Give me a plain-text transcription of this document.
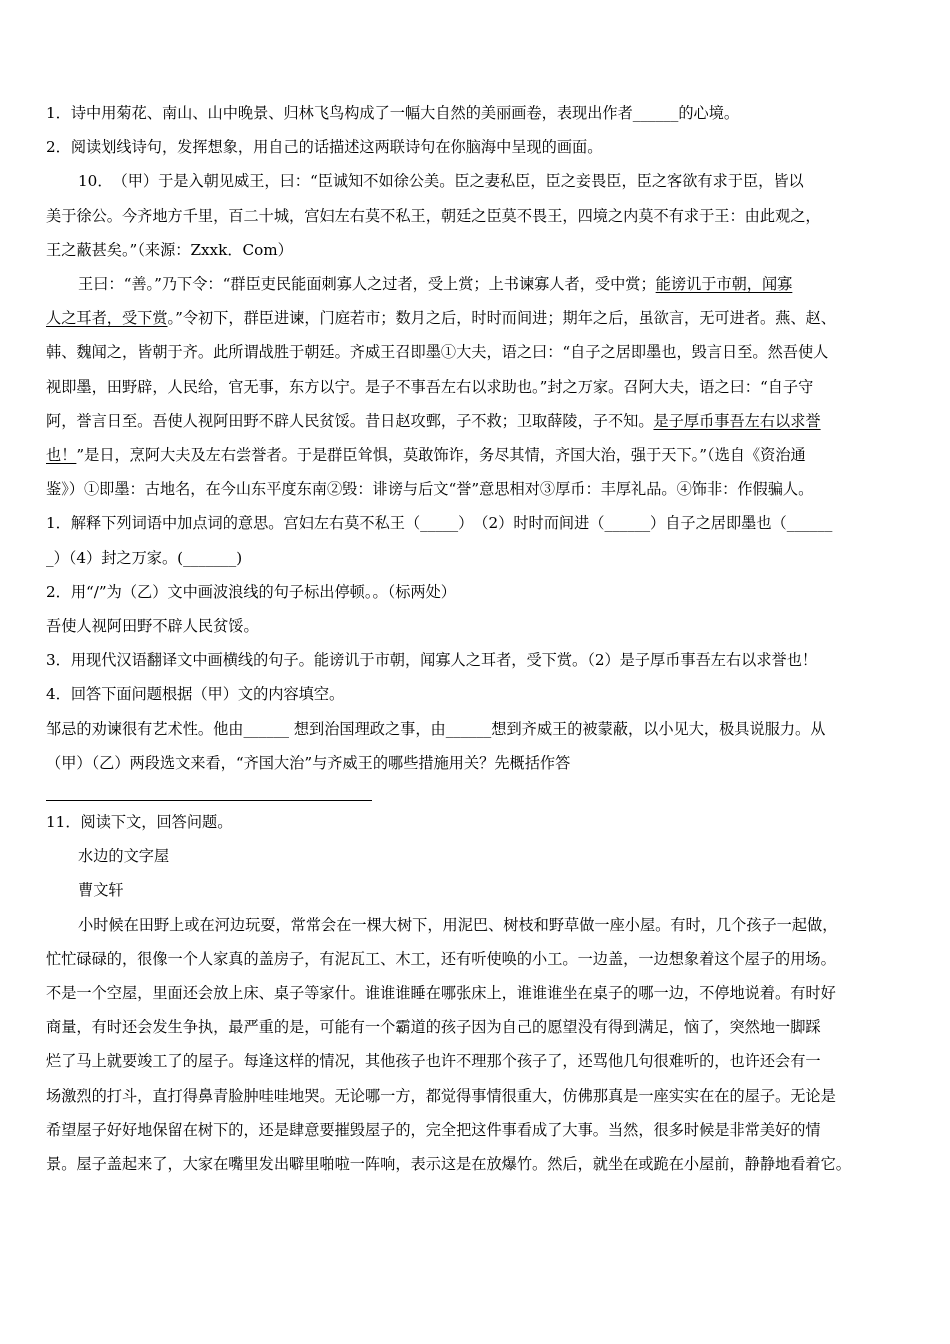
1．诗中用菊花、南山、山中晚景、归林飞鸟构成了一幅大自然的美丽画卷，表现出作者______的心境。
2．阅读划线诗句，发挥想象，用自己的话描述这两联诗句在你脑海中呈现的画面。
10．　（甲）于是入朝见威王，曰：“臣诚知不如徐公美。臣之妻私臣，臣之妾畏臣，臣之客欲有求于臣，皆以
美于徐公。今齐地方千里，百二十城，宫妇左右莫不私王，朝廷之臣莫不畏王，四境之内莫不有求于王：由此观之，
王之蔽甚矣。”（来源：Zxxk．Com）
王曰：“善。”乃下令：“群臣吏民能面刺寡人之过者，受上赏；上书谏寡人者，受中赏；能谤讥于市朝，闻寡
人之耳者，受下赏。”令初下，群臣进谏，门庭若市；数月之后，时时而间进；期年之后，虽欲言，无可进者。燕、赵、
韩、魏闻之，皆朝于齐。此所谓战胜于朝廷。齐威王召即墨①大夫，语之曰：“自子之居即墨也，毁言日至。然吾使人
视即墨，田野辟，人民给，官无事，东方以宁。是子不事吾左右以求助也。”封之万家。召阿大夫，语之曰：“自子守
阿，誉言日至。吾使人视阿田野不辟人民贫馁。昔日赵攻鄄，子不救；卫取薛陵，子不知。是子厚币事吾左右以求誉
也！”是日，烹阿大夫及左右尝誉者。于是群臣耸惧，莫敢饰诈，务尽其情，齐国大治，强于天下。”（选自《资治通
鉴》）①即墨：古地名，在今山东平度东南②毁：诽谤与后文“誉”意思相对③厚币：丰厚礼品。④饰非：作假骗人。
1．解释下列词语中加点词的意思。宫妇左右莫不私王（_____）　（2）时时而间进（______）自子之居即墨也（______
_）（4）封之万家。(_______)
2．用“/”为（乙）文中画波浪线的句子标出停顿。。（标两处）
吾使人视阿田野不辟人民贫馁。
3．用现代汉语翻译文中画横线的句子。能谤讥于市朝，闻寡人之耳者，受下赏。（2）是子厚币事吾左右以求誉也！
4．回答下面问题根据（甲）文的内容填空。
邹忌的劝谏很有艺术性。他由______ 想到治国理政之事，由______想到齐威王的被蒙蔽，以小见大，极具说服力。从
（甲）（乙）两段选文来看，“齐国大治”与齐威王的哪些措施用关？先概括作答
11．阅读下文，回答问题。
水边的文字屋
曹文轩
小时候在田野上或在河边玩耍，常常会在一棵大树下，用泥巴、树枝和野草做一座小屋。有时，几个孩子一起做，
忙忙碌碌的，很像一个人家真的盖房子，有泥瓦工、木工，还有听使唤的小工。一边盖，一边想象着这个屋子的用场。
不是一个空屋，里面还会放上床、桌子等家什。谁谁谁睡在哪张床上，谁谁谁坐在桌子的哪一边，不停地说着。有时好
商量，有时还会发生争执，最严重的是，可能有一个霸道的孩子因为自己的愿望没有得到满足，恼了，突然地一脚踩
烂了马上就要竣工了的屋子。每逢这样的情况，其他孩子也许不理那个孩子了，还骂他几句很难听的，也许还会有一
场激烈的打斗，直打得鼻青脸肿哇哇地哭。无论哪一方，都觉得事情很重大，仿佛那真是一座实实在在的屋子。无论是
希望屋子好好地保留在树下的，还是肆意要摧毁屋子的，完全把这件事看成了大事。当然，很多时候是非常美好的情
景。屋子盖起来了，大家在嘴里发出噼里啪啦一阵响，表示这是在放爆竹。然后，就坐在或跪在小屋前，静静地看着它。
